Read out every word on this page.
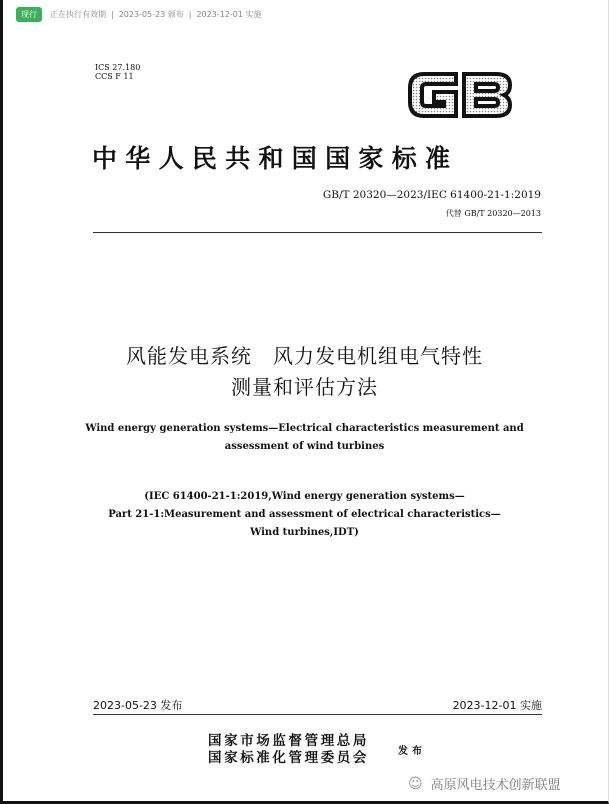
现行	正在执行有效期 | 2023-05-23 颁布 | 2023-12-01 实施
ICS 27.180
CCS F 11
中华人民共和国国家标准
GB/T 20320—2023/IEC 61400-21-1:2019
代替 GB/T 20320—2013
风能发电系统　风力发电机组电气特性
测量和评估方法
Wind energy generation systems—Electrical characteristics measurement and
assessment of wind turbines
(IEC 61400-21-1:2019,Wind energy generation systems—
Part 21-1:Measurement and assessment of electrical characteristics—
Wind turbines,IDT)
2023-05-23 发布	2023-12-01 实施
国家市场监督管理总局
国家标准化管理委员会	发布
☺ 高原风电技术创新联盟
